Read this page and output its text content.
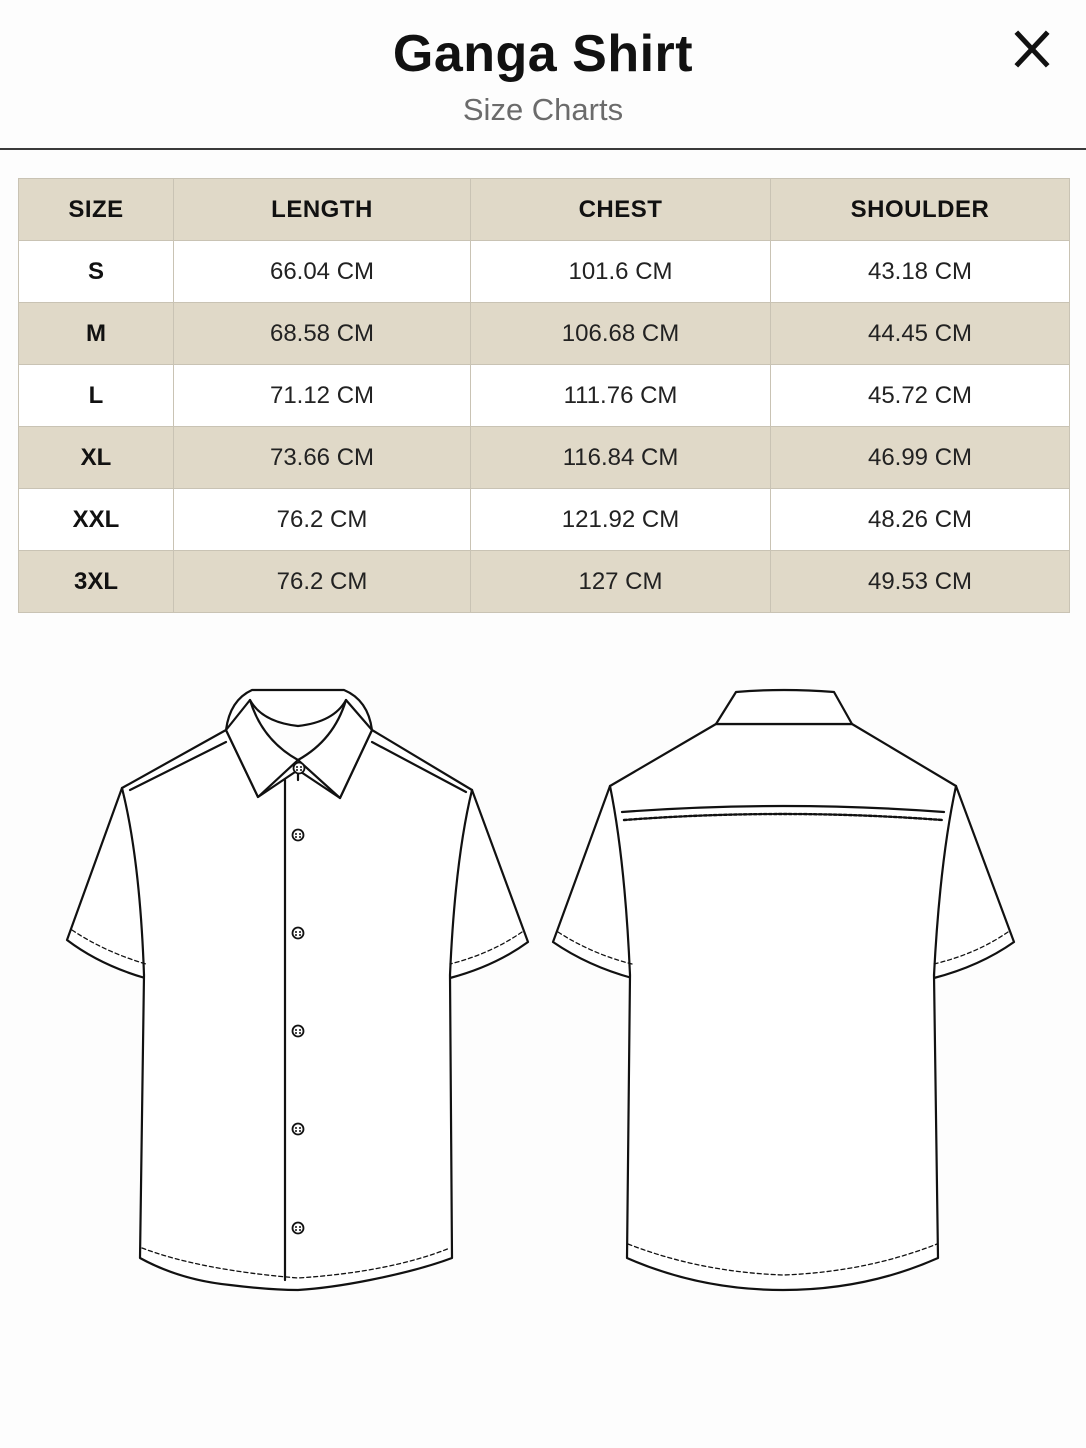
Ganga Shirt
Size Charts
SIZE	LENGTH	CHEST	SHOULDER
S	66.04 CM	101.6 CM	43.18 CM
M	68.58 CM	106.68 CM	44.45 CM
L	71.12 CM	111.76 CM	45.72 CM
XL	73.66 CM	116.84 CM	46.99 CM
XXL	76.2 CM	121.92 CM	48.26 CM
3XL	76.2 CM	127 CM	49.53 CM
